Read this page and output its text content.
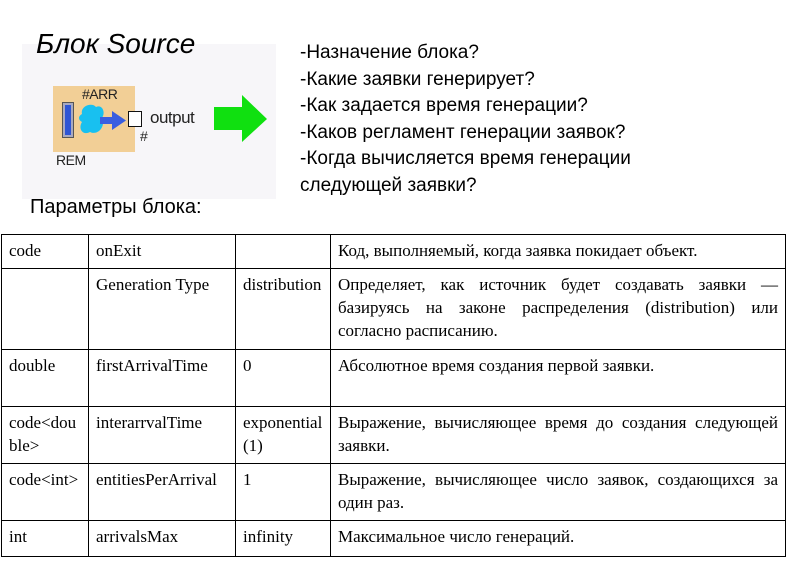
Блок Source
#ARR
output
#
REM
-Назначение блока?
-Какие заявки генерирует?
-Как задается время генерации?
-Каков регламент генерации заявок?
-Когда вычисляется время генерации следующей заявки?
Параметры блока:
code	onExit		Код, выполняемый, когда заявка покидает объект.
	Generation Type	distribution	Определяет, как источник будет создавать заявки — базируясь на законе распределения (distribution) или согласно расписанию.
double	firstArrivalTime	0	Абсолютное время создания первой заявки.
code<double>	interarrvalTime	exponential(1)	Выражение, вычисляющее время до создания следующей заявки.
code<int>	entitiesPerArrival	1	Выражение, вычисляющее число заявок, создающихся за один раз.
int	arrivalsMax	infinity	Максимальное число генераций.
